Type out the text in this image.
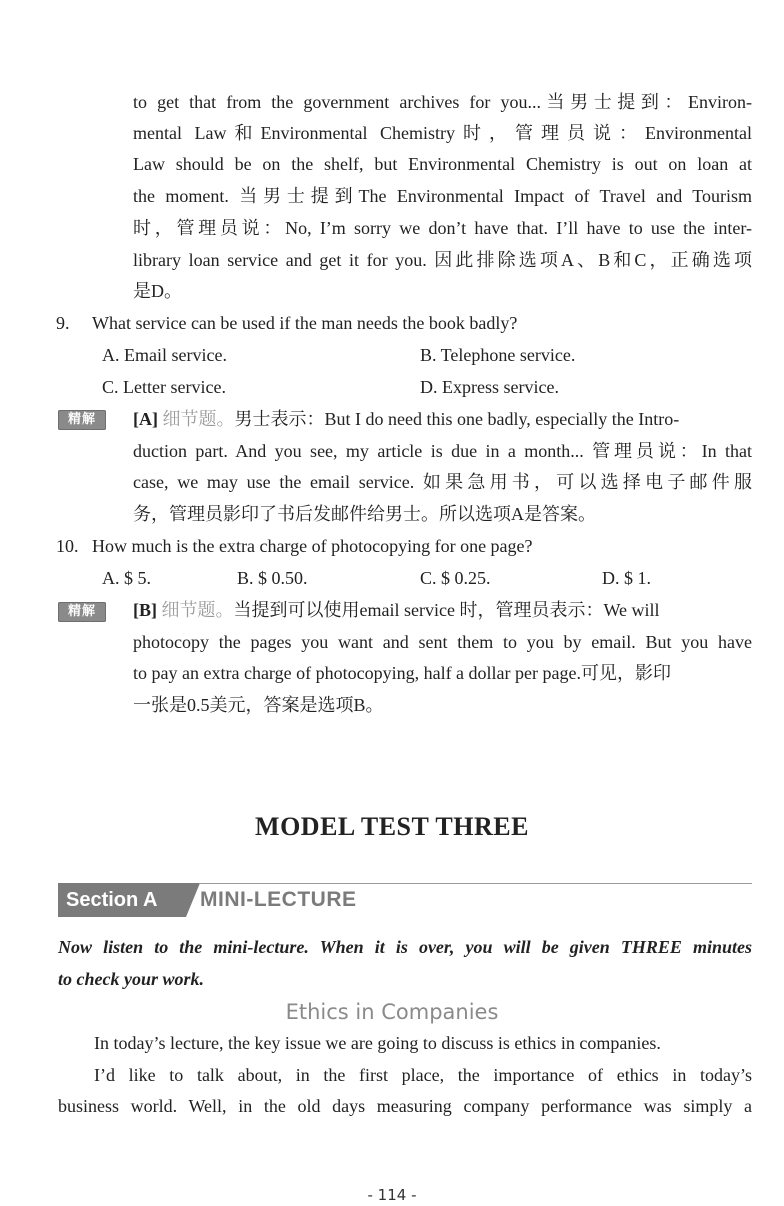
to get that from the government archives for you...当男士提到：Environ-
mental Law和Environmental Chemistry时，管理员说：Environmental
Law should be on the shelf, but Environmental Chemistry is out on loan at
the moment. 当男士提到The Environmental Impact of Travel and Tourism
时，管理员说：No, I’m sorry we don’t have that. I’ll have to use the inter-
library loan service and get it for you. 因此排除选项A、B和C，正确选项
是D。
9. What service can be used if the man needs the book badly?
A. Email service.	B. Telephone service.
C. Letter service.	D. Express service.
精解	[A] 细节题。男士表示：But I do need this one badly, especially the Intro-
duction part. And you see, my article is due in a month... 管理员说：In that
case, we may use the email service. 如果急用书，可以选择电子邮件服
务，管理员影印了书后发邮件给男士。所以选项A是答案。
10. How much is the extra charge of photocopying for one page?
A. $ 5.	B. $ 0.50.	C. $ 0.25.	D. $ 1.
精解	[B] 细节题。当提到可以使用email service 时，管理员表示：We will
photocopy the pages you want and sent them to you by email. But you have
to pay an extra charge of photocopying, half a dollar per page.可见，影印
一张是0.5美元，答案是选项B。
MODEL TEST THREE
Section A	MINI-LECTURE
Now listen to the mini-lecture. When it is over, you will be given THREE minutes
to check your work.
Ethics in Companies
In today’s lecture, the key issue we are going to discuss is ethics in companies.
I’d like to talk about, in the first place, the importance of ethics in today’s
business world. Well, in the old days measuring company performance was simply a
- 114 -
